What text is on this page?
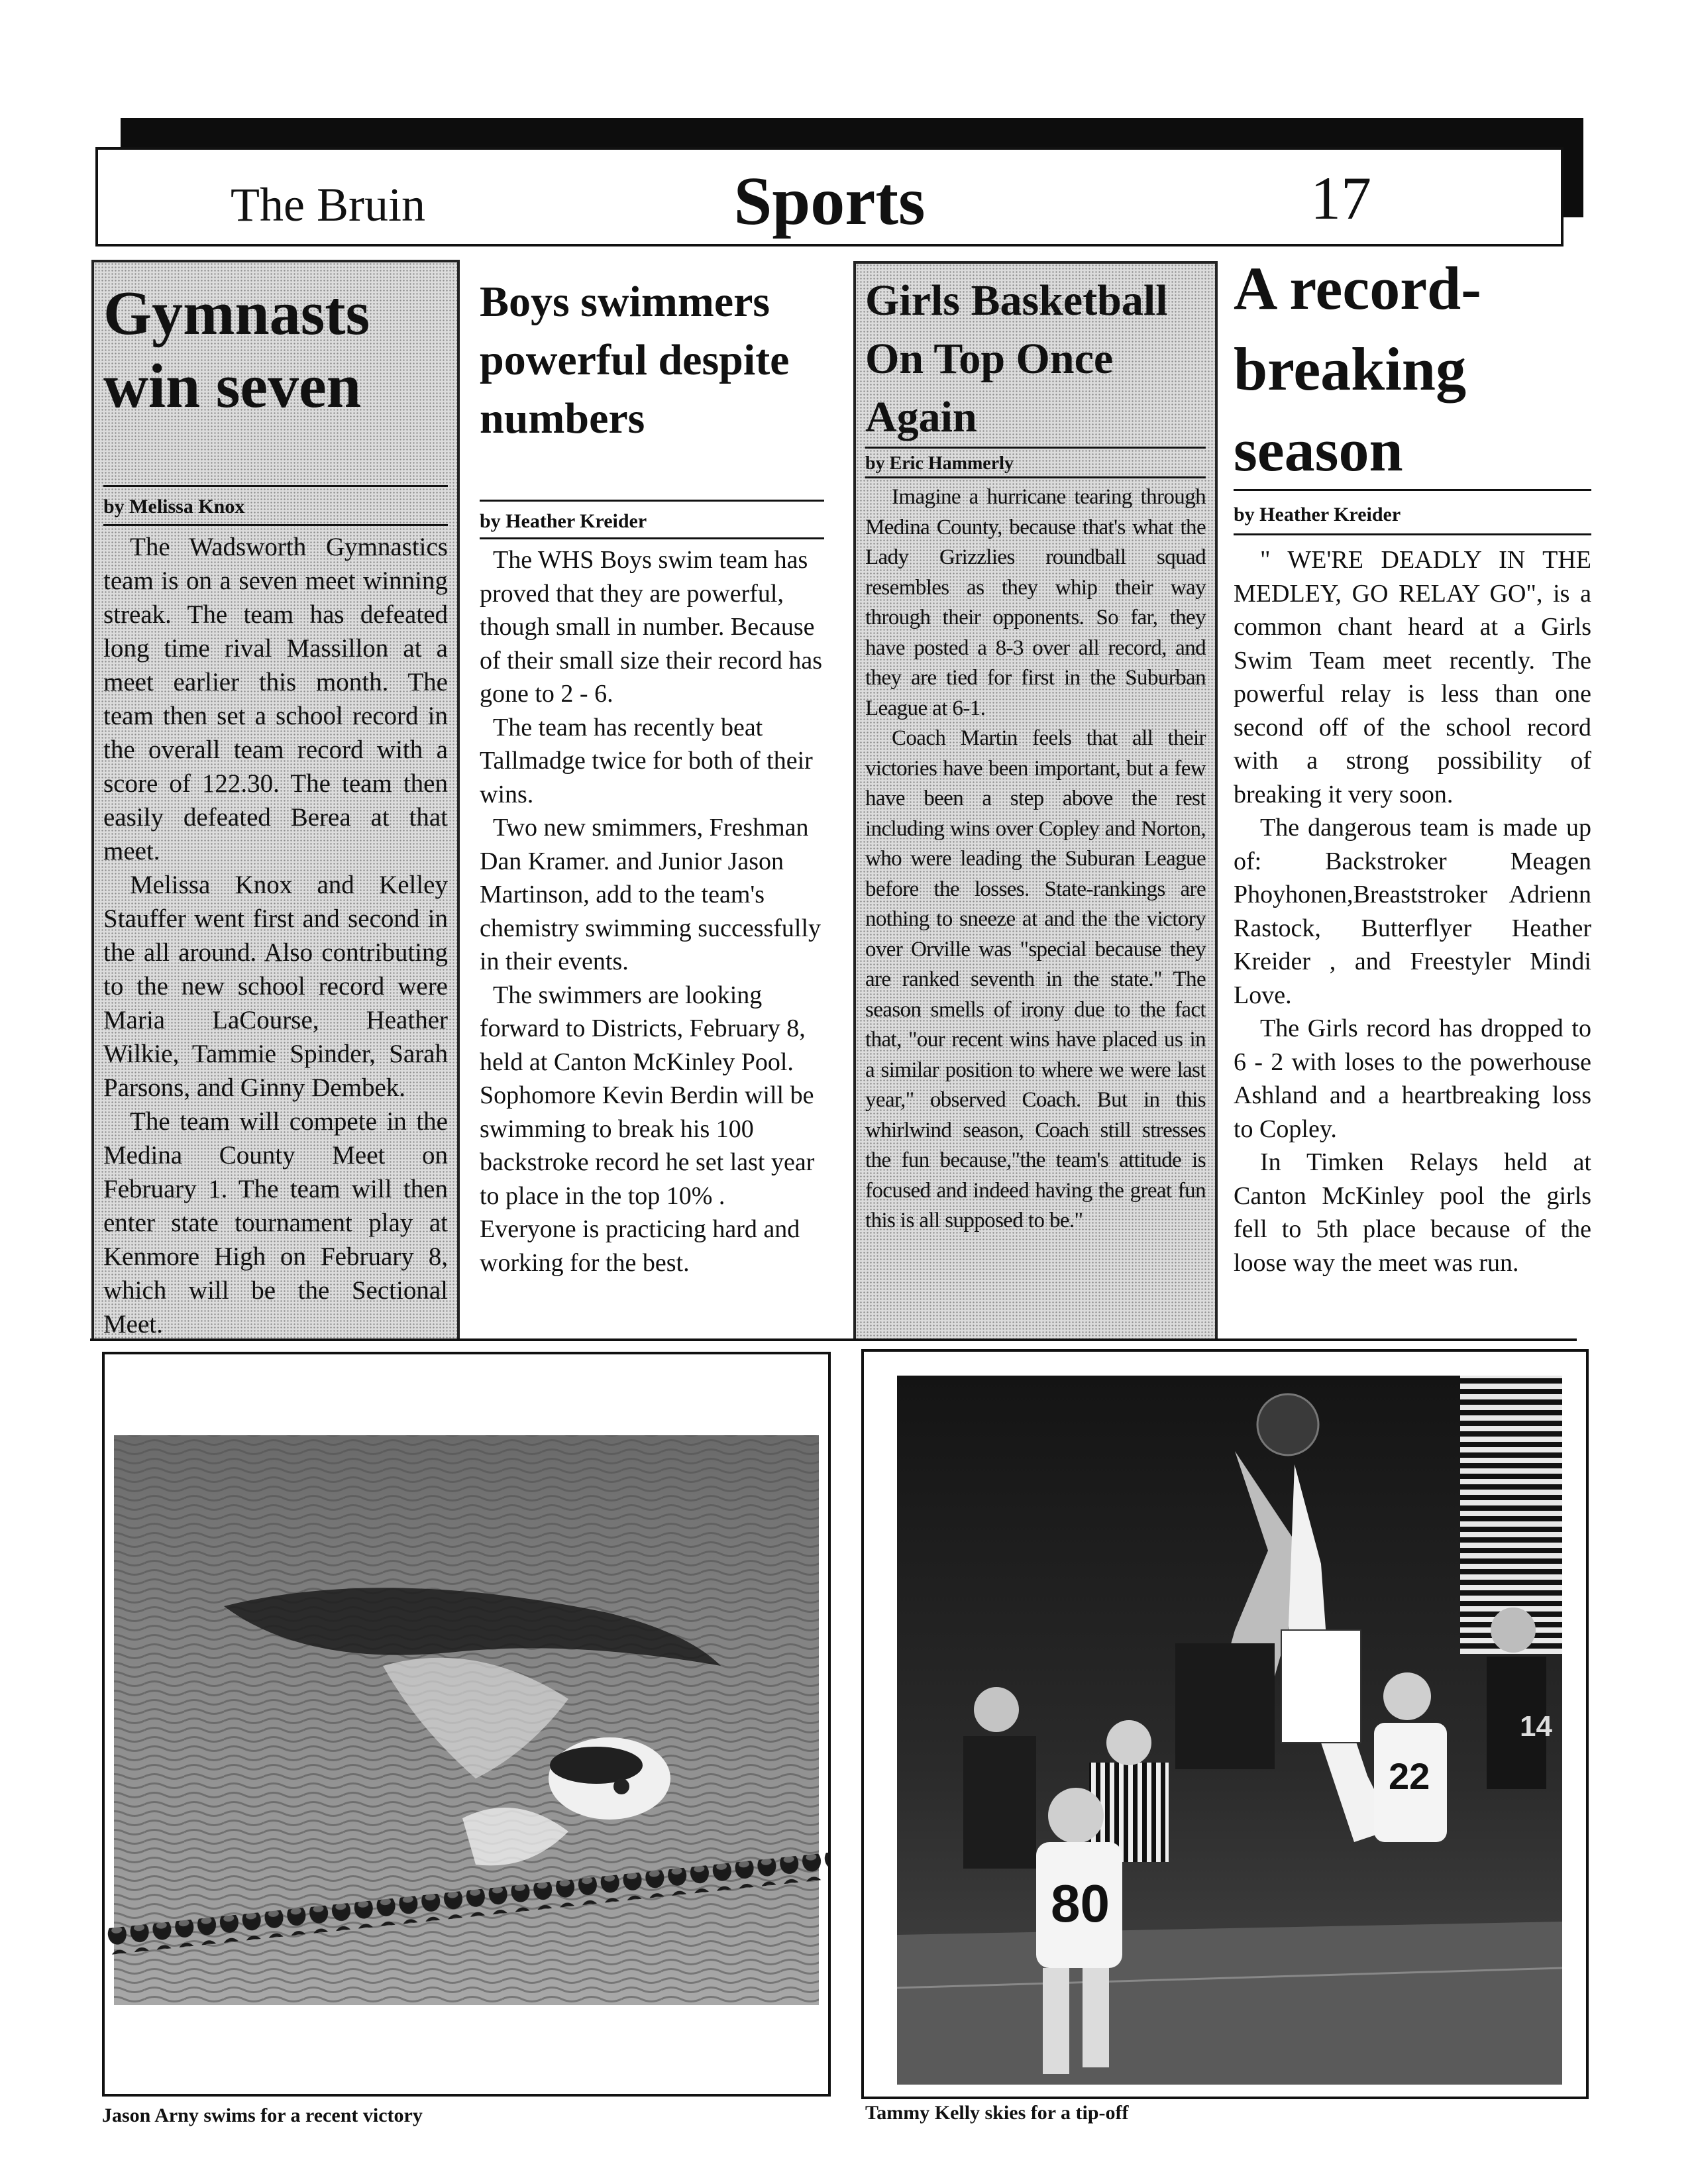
The Bruin	Sports	17
Gymnasts win seven
by Melissa Knox

The Wadsworth Gymnastics team is on a seven meet winning streak. The team has defeated long time rival Massillon at a meet earlier this month. The team then set a school record in the overall team record with a score of 122.30. The team then easily defeated Berea at that meet.

Melissa Knox and Kelley Stauffer went first and second in the all around. Also contributing to the new school record were Maria LaCourse, Heather Wilkie, Tammie Spinder, Sarah Parsons, and Ginny Dembek.

The team will compete in the Medina County Meet on February 1. The team will then enter state tournament play at Kenmore High on February 8, which will be the Sectional Meet.

Boys swimmers powerful despite numbers
by Heather Kreider

The WHS Boys swim team has proved that they are powerful, though small in number. Because of their small size their record has gone to 2 - 6.

The team has recently beat Tallmadge twice for both of their wins.

Two new smimmers, Freshman Dan Kramer. and Junior Jason Martinson, add to the team's chemistry swimming successfully in their events.

The swimmers are looking forward to Districts, February 8, held at Canton McKinley Pool. Sophomore Kevin Berdin will be swimming to break his 100 backstroke record he set last year to place in the top 10% . Everyone is practicing hard and working for the best.

Girls Basketball On Top Once Again
by Eric Hammerly

Imagine a hurricane tearing through Medina County, because that's what the Lady Grizzlies roundball squad resembles as they whip their way through their opponents. So far, they have posted a 8-3 over all record, and they are tied for first in the Suburban League at 6-1.

Coach Martin feels that all their victories have been important, but a few have been a step above the rest including wins over Copley and Norton, who were leading the Suburan League before the losses. State-rankings are nothing to sneeze at and the the victory over Orville was "special because they are ranked seventh in the state." The season smells of irony due to the fact that, "our recent wins have placed us in a similar position to where we were last year," observed Coach. But in this whirlwind season, Coach still stresses the fun because,"the team's attitude is focused and indeed having the great fun this is all supposed to be."

A record-breaking season
by Heather Kreider

" WE'RE DEADLY IN THE MEDLEY, GO RELAY GO", is a common chant heard at a Girls Swim Team meet recently. The powerful relay is less than one second off of the school record with a strong possibility of breaking it very soon.

The dangerous team is made up of: Backstroker Meagen Phoyhonen,Breaststroker Adrienn Rastock, Butterflyer Heather Kreider , and Freestyler Mindi Love.

The Girls record has dropped to 6 - 2 with loses to the powerhouse Ashland and a heartbreaking loss to Copley.

In Timken Relays held at Canton McKinley pool the girls fell to 5th place because of the loose way the meet was run.

Jason Arny swims for a recent victory
80
22
14
Tammy Kelly skies for a tip-off
